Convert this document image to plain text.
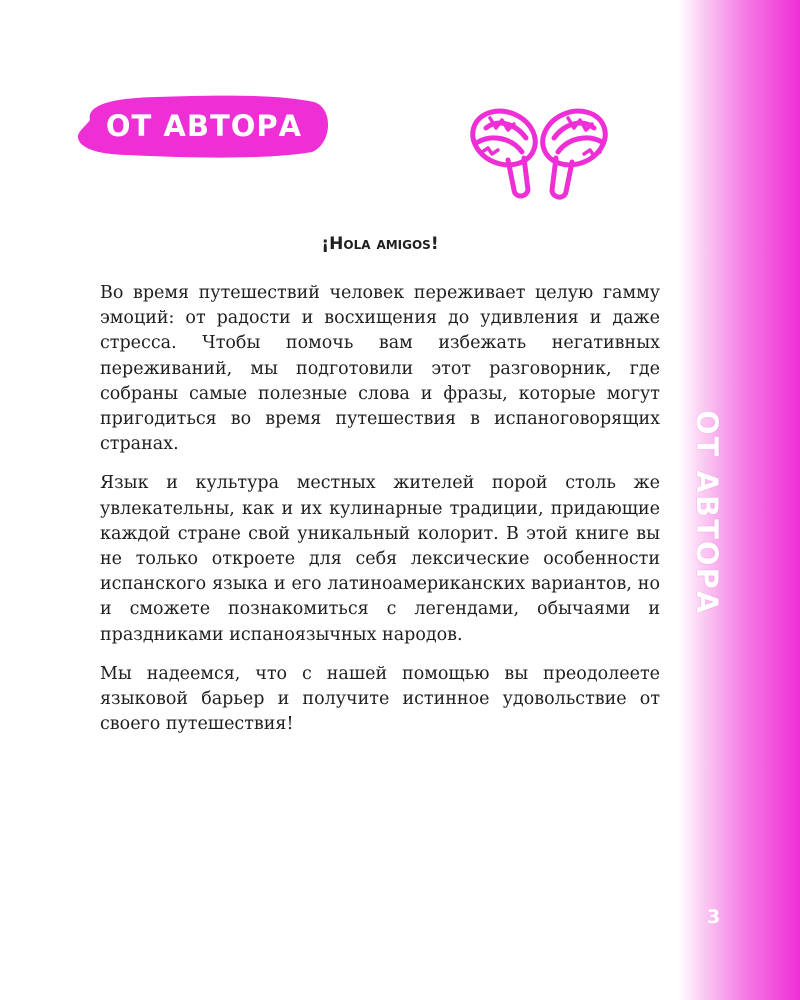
ОТ АВТОРА
3
ОТ АВТОРА
¡Hola amigos!

Во время путешествий человек переживает целую гамму эмоций: от радости и восхищения до удивления и даже стресса. Чтобы помочь вам избежать негативных переживаний, мы подготовили этот разговорник, где собраны самые полезные слова и фразы, которые могут пригодиться во время путешествия в испаноговорящих странах.

Язык и культура местных жителей порой столь же увлекательны, как и их кулинарные традиции, придающие каждой стране свой уникальный колорит. В этой книге вы не только откроете для себя лексические особенности испанского языка и его латиноамериканских вариантов, но и сможете познакомиться с легендами, обычаями и праздниками испаноязычных народов.

Мы надеемся, что с нашей помощью вы преодолеете языковой барьер и получите истинное удовольствие от своего путешествия!
